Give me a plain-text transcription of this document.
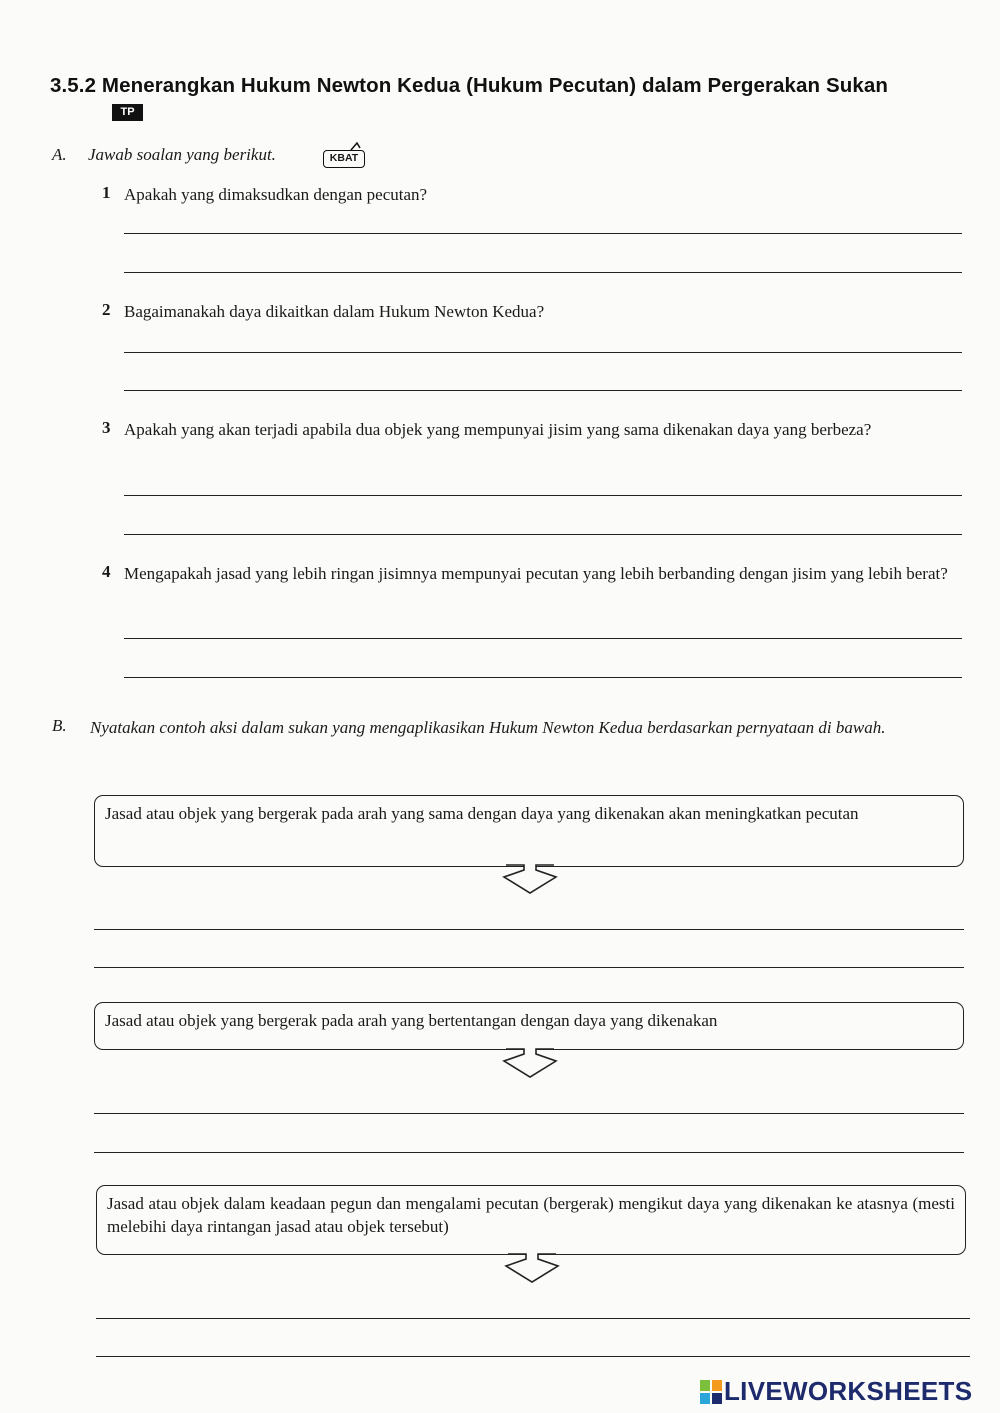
3.5.2 Menerangkan Hukum Newton Kedua (Hukum Pecutan) dalam Pergerakan Sukan
TP
A. Jawab soalan yang berikut.	KBAT
1 Apakah yang dimaksudkan dengan pecutan?
2 Bagaimanakah daya dikaitkan dalam Hukum Newton Kedua?
3 Apakah yang akan terjadi apabila dua objek yang mempunyai jisim yang sama dikenakan daya yang berbeza?
4 Mengapakah jasad yang lebih ringan jisimnya mempunyai pecutan yang lebih berbanding dengan jisim yang lebih berat?
B. Nyatakan contoh aksi dalam sukan yang mengaplikasikan Hukum Newton Kedua berdasarkan pernyataan di bawah.
Jasad atau objek yang bergerak pada arah yang sama dengan daya yang dikenakan akan meningkatkan pecutan
Jasad atau objek yang bergerak pada arah yang bertentangan dengan daya yang dikenakan
Jasad atau objek dalam keadaan pegun dan mengalami pecutan (bergerak) mengikut daya yang dikenakan ke atasnya (mesti melebihi daya rintangan jasad atau objek tersebut)
LIVEWORKSHEETS
